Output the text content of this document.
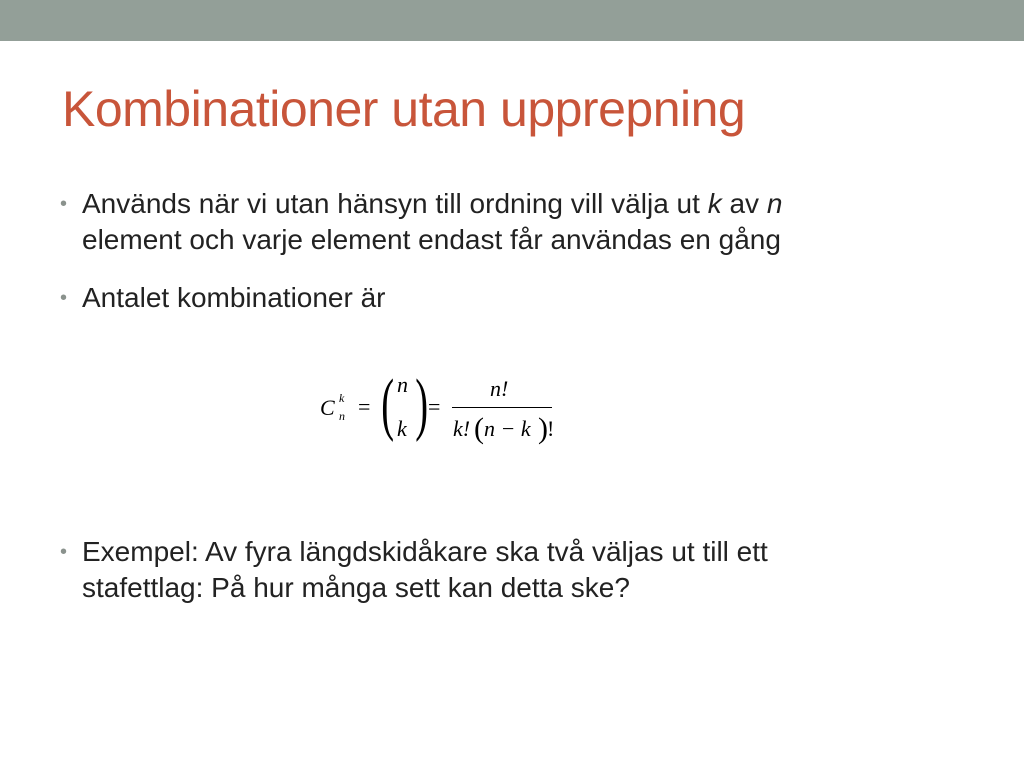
Kombinationer utan upprepning
• Används när vi utan hänsyn till ordning vill välja ut k av n
element och varje element endast får användas en gång
• Antalet kombinationer är
• Exempel: Av fyra längdskidåkare ska två väljas ut till ett
stafettlag: På hur många sett kan detta ske?
C k
n = ( n
k ) =
n!
k! ( n − k ) !
